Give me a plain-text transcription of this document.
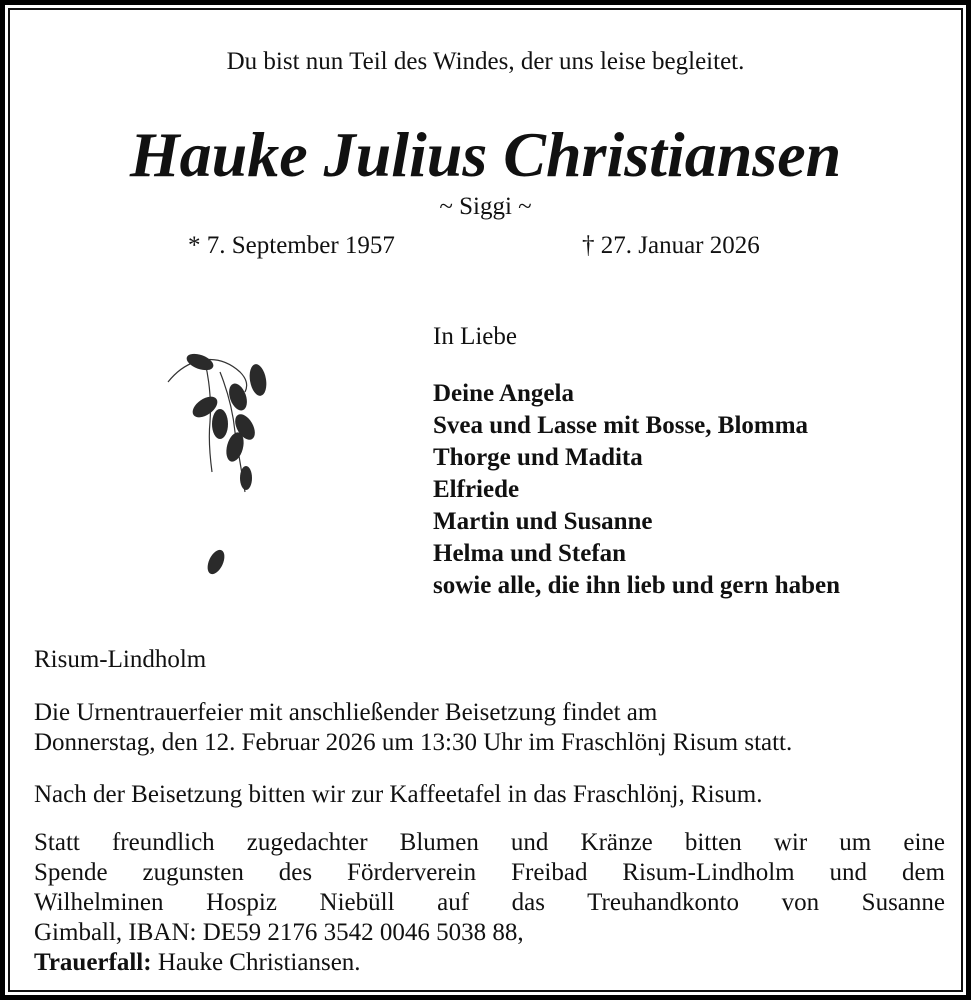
Du bist nun Teil des Windes, der uns leise begleitet.
Hauke Julius Christiansen
~ Siggi ~
* 7. September 1957	† 27. Januar 2026
In Liebe
Deine Angela
Svea und Lasse mit Bosse, Blomma
Thorge und Madita
Elfriede
Martin und Susanne
Helma und Stefan
sowie alle, die ihn lieb und gern haben
Risum-Lindholm
Die Urnentrauerfeier mit anschließender Beisetzung findet am
Donnerstag, den 12. Februar 2026 um 13:30 Uhr im Fraschlönj Risum statt.
Nach der Beisetzung bitten wir zur Kaffeetafel in das Fraschlönj, Risum.
Statt freundlich zugedachter Blumen und Kränze bitten wir um eine
Spende zugunsten des Förderverein Freibad Risum-Lindholm und dem
Wilhelminen Hospiz Niebüll auf das Treuhandkonto von Susanne
Gimball, IBAN: DE59 2176 3542 0046 5038 88,
Trauerfall: Hauke Christiansen.
